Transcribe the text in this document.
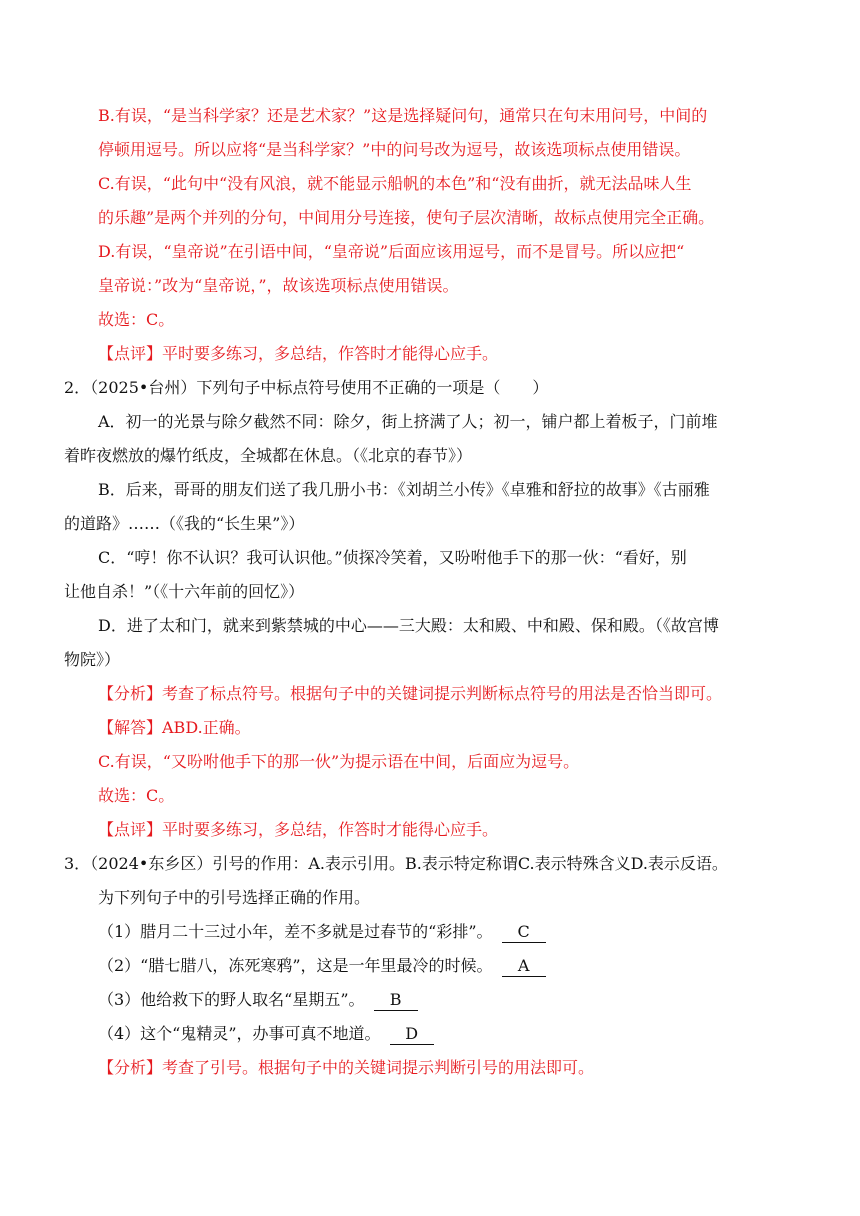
B.有误，“是当科学家？还是艺术家？”这是选择疑问句，通常只在句末用问号，中间的
停顿用逗号。所以应将“是当科学家？”中的问号改为逗号，故该选项标点使用错误。
C.有误，“此句中“没有风浪，就不能显示船帆的本色”和“没有曲折，就无法品味人生
的乐趣”是两个并列的分句，中间用分号连接，使句子层次清晰，故标点使用完全正确。
D.有误，“皇帝说”在引语中间，“皇帝说”后面应该用逗号，而不是冒号。所以应把“
皇帝说：”改为“皇帝说，”，故该选项标点使用错误。
故选：C。
【点评】平时要多练习，多总结，作答时才能得心应手。
2．（2025•台州）下列句子中标点符号使用不正确的一项是（　　）
A．初一的光景与除夕截然不同：除夕，街上挤满了人；初一，铺户都上着板子，门前堆
着昨夜燃放的爆竹纸皮，全城都在休息。（《北京的春节》）
B．后来，哥哥的朋友们送了我几册小书：《刘胡兰小传》《卓雅和舒拉的故事》《古丽雅
的道路》……（《我的“长生果”》）
C．“哼！你不认识？我可认识他。”侦探冷笑着，又吩咐他手下的那一伙：“看好，别
让他自杀！”（《十六年前的回忆》）
D．进了太和门，就来到紫禁城的中心——三大殿：太和殿、中和殿、保和殿。（《故宫博
物院》）
【分析】考查了标点符号。根据句子中的关键词提示判断标点符号的用法是否恰当即可。
【解答】ABD.正确。
C.有误，“又吩咐他手下的那一伙”为提示语在中间，后面应为逗号。
故选：C。
【点评】平时要多练习，多总结，作答时才能得心应手。
3．（2024•东乡区）引号的作用：A.表示引用。B.表示特定称谓C.表示特殊含义D.表示反语。
为下列句子中的引号选择正确的作用。
（1）腊月二十三过小年，差不多就是过春节的“彩排”。 C
（2）“腊七腊八，冻死寒鸦”，这是一年里最冷的时候。 A
（3）他给救下的野人取名“星期五”。 B
（4）这个“鬼精灵”，办事可真不地道。 D
【分析】考查了引号。根据句子中的关键词提示判断引号的用法即可。
